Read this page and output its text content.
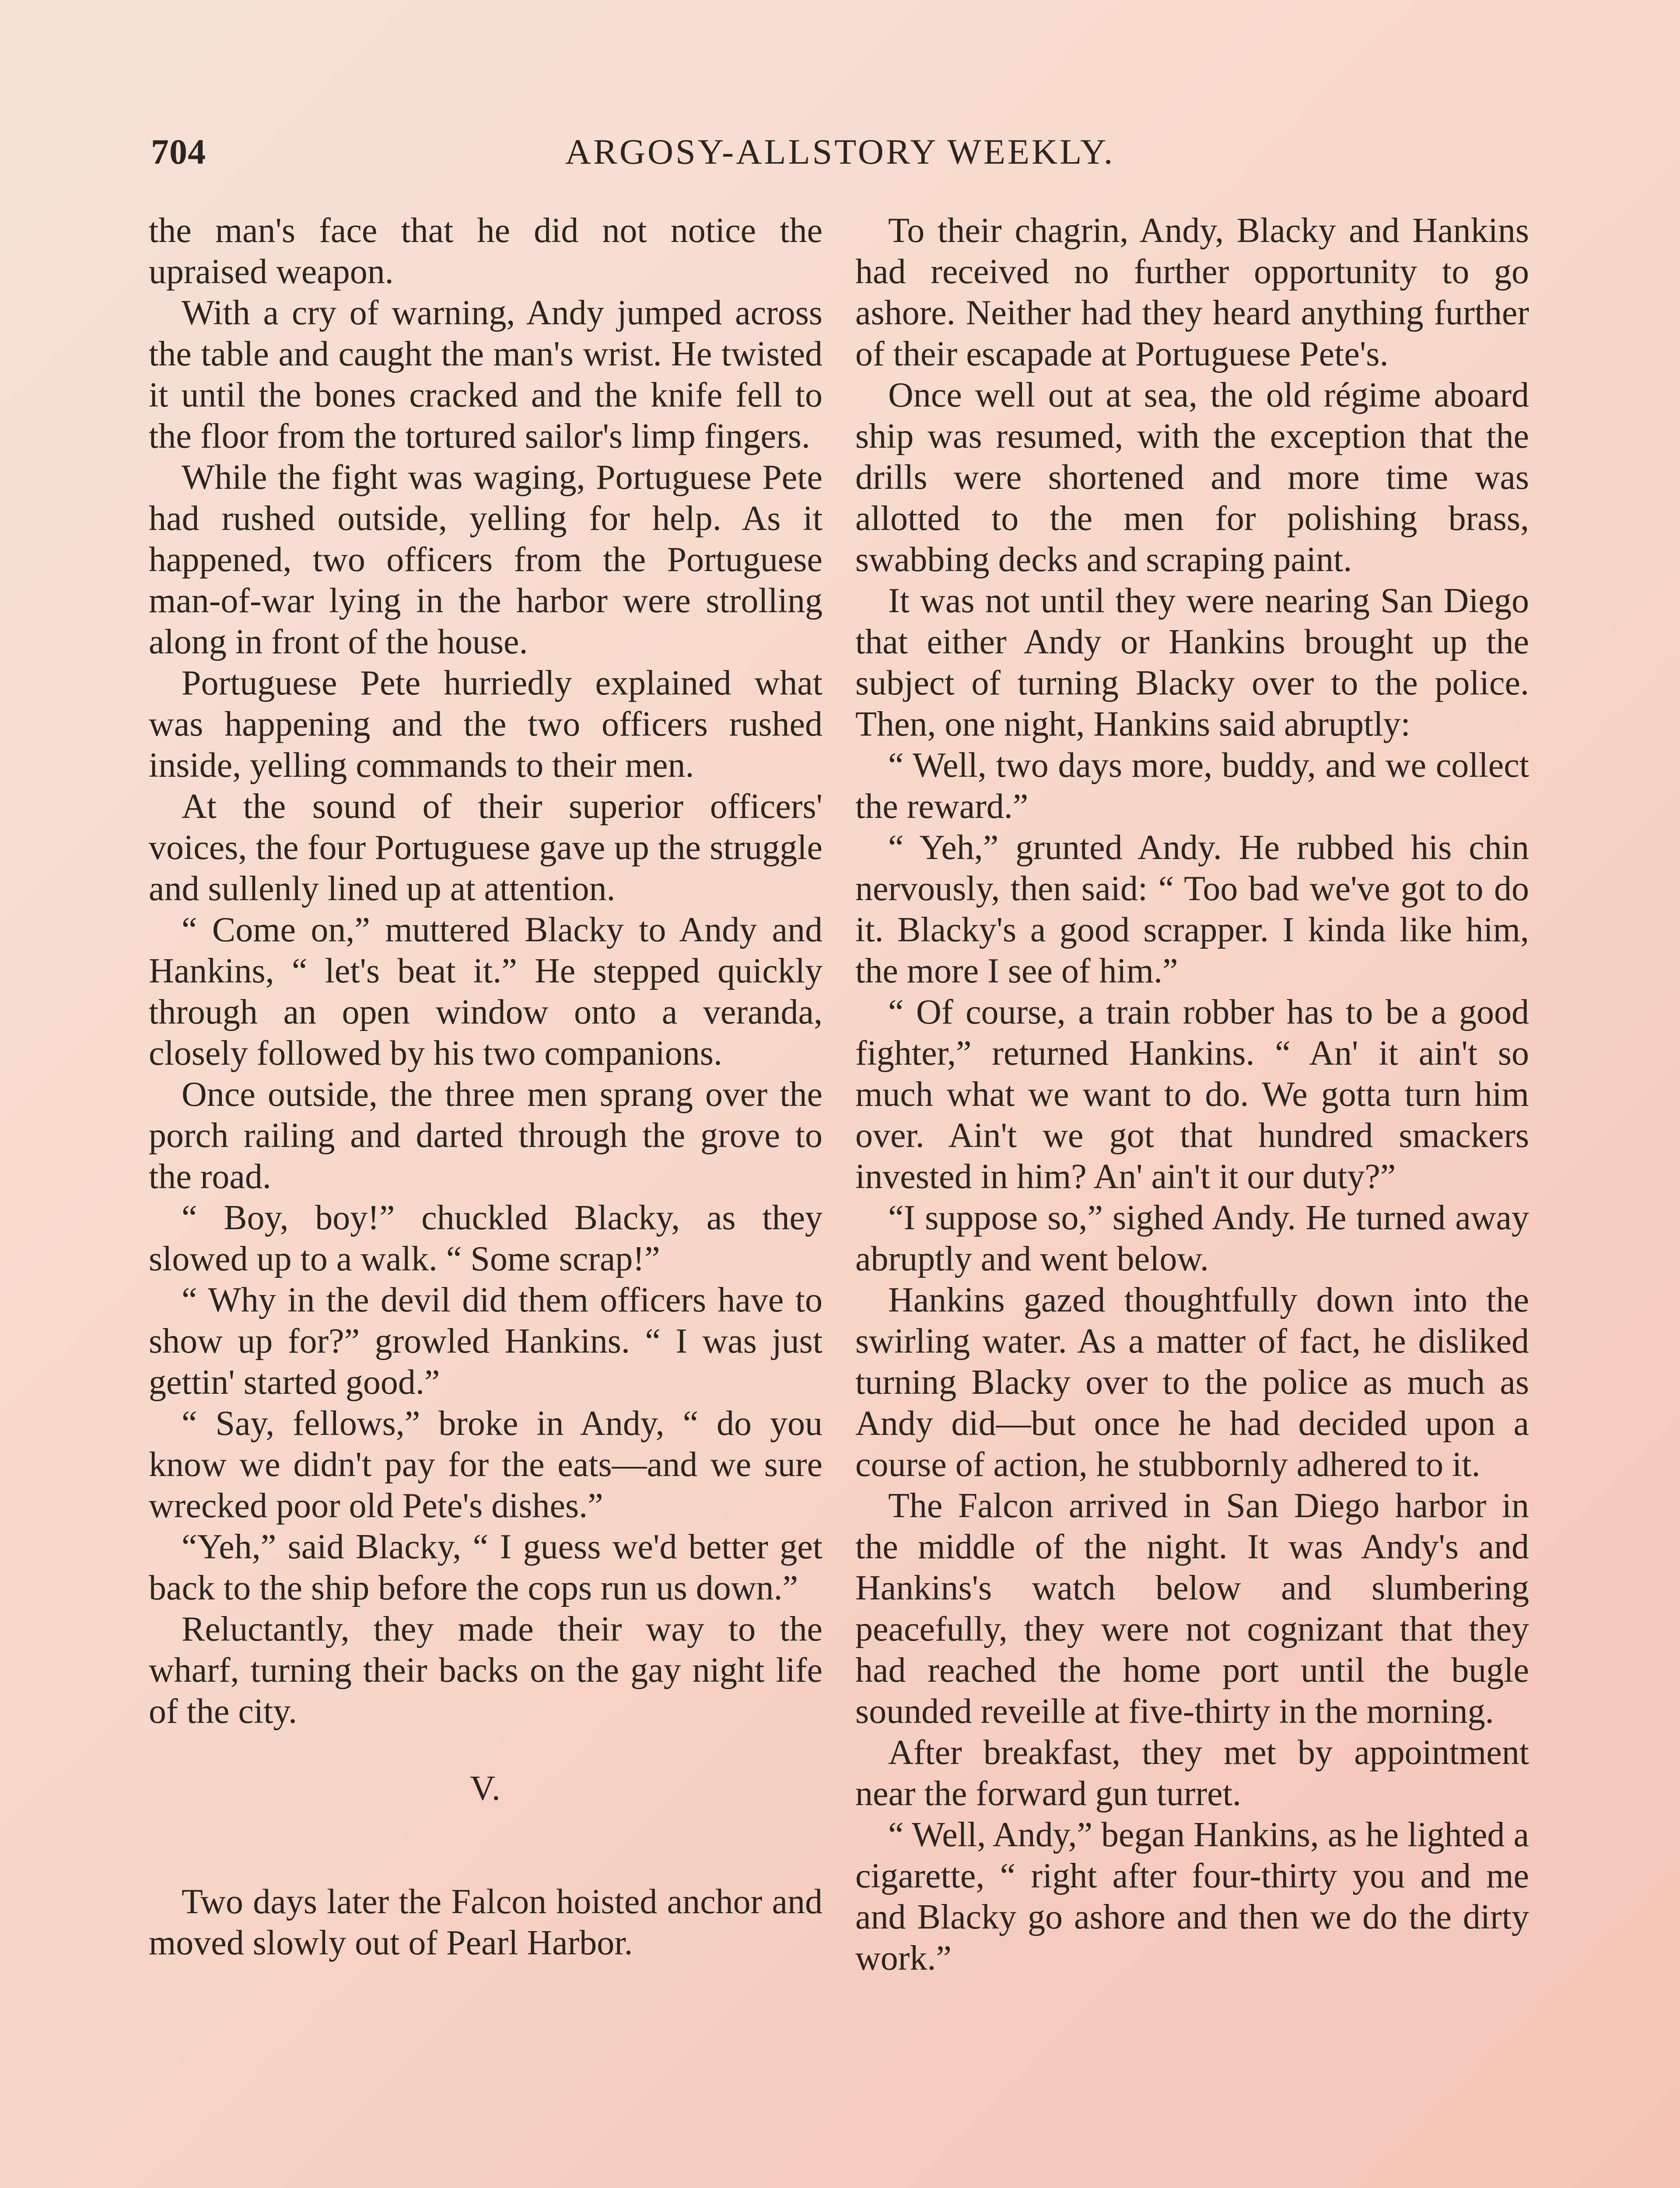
704	ARGOSY-ALLSTORY WEEKLY.

the man's face that he did not notice the upraised weapon.

With a cry of warning, Andy jumped across the table and caught the man's wrist. He twisted it until the bones cracked and the knife fell to the floor from the tortured sailor's limp fingers.

While the fight was waging, Portuguese Pete had rushed outside, yelling for help. As it happened, two officers from the Portuguese man-of-war lying in the harbor were strolling along in front of the house.

Portuguese Pete hurriedly explained what was happening and the two officers rushed inside, yelling commands to their men.

At the sound of their superior officers' voices, the four Portuguese gave up the struggle and sullenly lined up at attention.

“ Come on,” muttered Blacky to Andy and Hankins, “ let's beat it.” He stepped quickly through an open window onto a veranda, closely followed by his two companions.

Once outside, the three men sprang over the porch railing and darted through the grove to the road.

“ Boy, boy!” chuckled Blacky, as they slowed up to a walk. “ Some scrap!”

“ Why in the devil did them officers have to show up for?” growled Hankins. “ I was just gettin' started good.”

“ Say, fellows,” broke in Andy, “ do you know we didn't pay for the eats—and we sure wrecked poor old Pete's dishes.”

“Yeh,” said Blacky, “ I guess we'd better get back to the ship before the cops run us down.”

Reluctantly, they made their way to the wharf, turning their backs on the gay night life of the city.

V.

Two days later the Falcon hoisted anchor and moved slowly out of Pearl Harbor.

To their chagrin, Andy, Blacky and Hankins had received no further opportunity to go ashore. Neither had they heard anything further of their escapade at Portuguese Pete's.

Once well out at sea, the old régime aboard ship was resumed, with the exception that the drills were shortened and more time was allotted to the men for polishing brass, swabbing decks and scraping paint.

It was not until they were nearing San Diego that either Andy or Hankins brought up the subject of turning Blacky over to the police. Then, one night, Hankins said abruptly:

“ Well, two days more, buddy, and we collect the reward.”

“ Yeh,” grunted Andy. He rubbed his chin nervously, then said: “ Too bad we've got to do it. Blacky's a good scrapper. I kinda like him, the more I see of him.”

“ Of course, a train robber has to be a good fighter,” returned Hankins. “ An' it ain't so much what we want to do. We gotta turn him over. Ain't we got that hundred smackers invested in him? An' ain't it our duty?”

“I suppose so,” sighed Andy. He turned away abruptly and went below.

Hankins gazed thoughtfully down into the swirling water. As a matter of fact, he disliked turning Blacky over to the police as much as Andy did—but once he had decided upon a course of action, he stubbornly adhered to it.

The Falcon arrived in San Diego harbor in the middle of the night. It was Andy's and Hankins's watch below and slumbering peacefully, they were not cognizant that they had reached the home port until the bugle sounded reveille at five-thirty in the morning.

After breakfast, they met by appointment near the forward gun turret.

“ Well, Andy,” began Hankins, as he lighted a cigarette, “ right after four-thirty you and me and Blacky go ashore and then we do the dirty work.”
